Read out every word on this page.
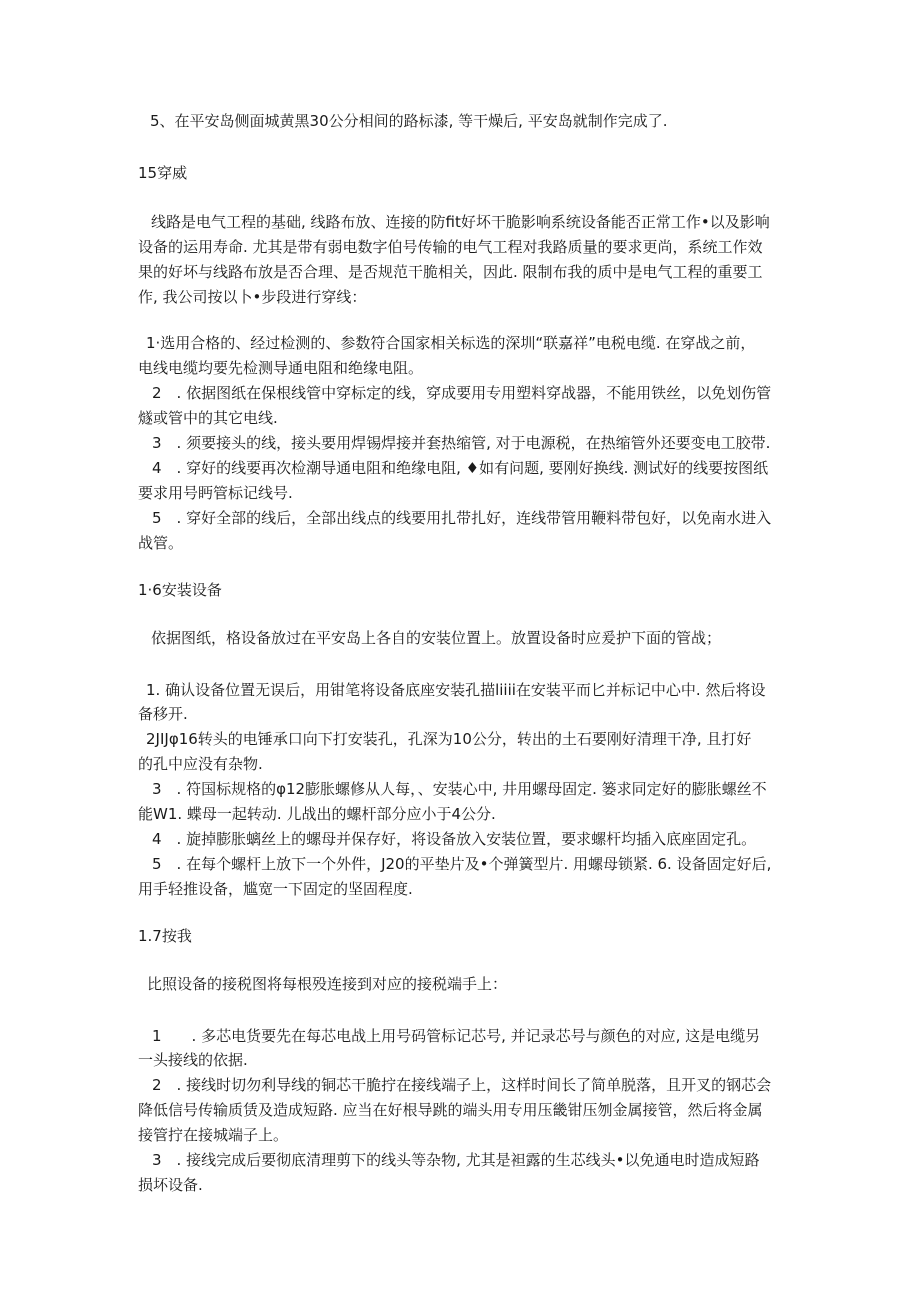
5、在平安岛侧面城黄黑30公分相间的路标漆, 等干燥后, 平安岛就制作完成了.
15穿威
线路是电气工程的基础, 线路布放、连接的防fit好坏干脆影响系统设备能否正常工作•以及影响
设备的运用寿命. 尤其是带有弱电数字伯号传输的电气工程对我路质量的要求更尚，系统工作效
果的好坏与线路布放是否合理、是否规范干脆相关，因此. 限制布我的质中是电气工程的重要工
作, 我公司按以卜•步段进行穿线：
1·选用合格的、经过检测的、参数符合国家相关标选的深圳“联嘉祥”电税电缆. 在穿战之前，
电线电缆均要先检测导通电阻和绝缘电阻。
2　. 依据图纸在保根线管中穿标定的线，穿成要用专用塑料穿战器，不能用铁丝，以免划伤管
燧或管中的其它电线.
3　. 须要接头的线，接头要用焊锡焊接并套热缩管, 对于电源税，在热缩管外还要变电工胶带.
4　. 穿好的线要再次检潮导通电阻和绝缘电阻, ♦如有问题, 要刚好换线. 测试好的线要按图纸
要求用号眄管标记线号.
5　. 穿好全部的线后，全部出线点的线要用扎带扎好，连线带管用鞭料带包好，以免南水进入
战管。
1·6安装设备
依据图纸，格设备放过在平安岛上各自的安装位置上。放置设备时应爰护下面的管战；
1. 确认设备位置无误后，用钳笔将设备底座安装孔描liiii在安装平而匕并标记中心中. 然后将设
备移开.
2JIJφ16转头的电锤承口向下打安装孔，孔深为10公分，转出的土石要刚好清理干净, 且打好
的孔中应没有杂物.
3　. 符国标规格的φ12膨胀螺修从人每，、安装心中, 井用螺母固定. 篓求同定好的膨胀螺丝不
能W1. 蝶母一起转动. 儿战出的螺杆部分应小于4公分.
4　. 旋掉膨胀螭丝上的螺母并保存好，将设备放入安装位置，要求螺杆均插入底座固定孔。
5　. 在每个螺杆上放下一个外件，J20的平垫片及•个弹簧型片. 用螺母锁紧. 6. 设备固定好后,
用手轻推设备，尴宽一下固定的坚固程度.
1.7按我
比照设备的接税图将每根殁连接到对应的接税端手上：
1　　. 多芯电货要先在每芯电战上用号码管标记芯号, 并记录芯号与颜色的对应, 这是电缆另
一头接线的依据.
2　. 接线时切勿利导线的铜芯干脆拧在接线端子上，这样时间长了简单脱落，且开叉的钢芯会
降低信号传输质赁及造成短路. 应当在好根导跳的端头用专用压畿钳压刎金属接管，然后将金属
接管拧在接城端子上。
3　. 接线完成后要彻底清理剪下的线头等杂物, 尤其是袒露的生芯线头•以免通电时造成短路
损坏设备.
